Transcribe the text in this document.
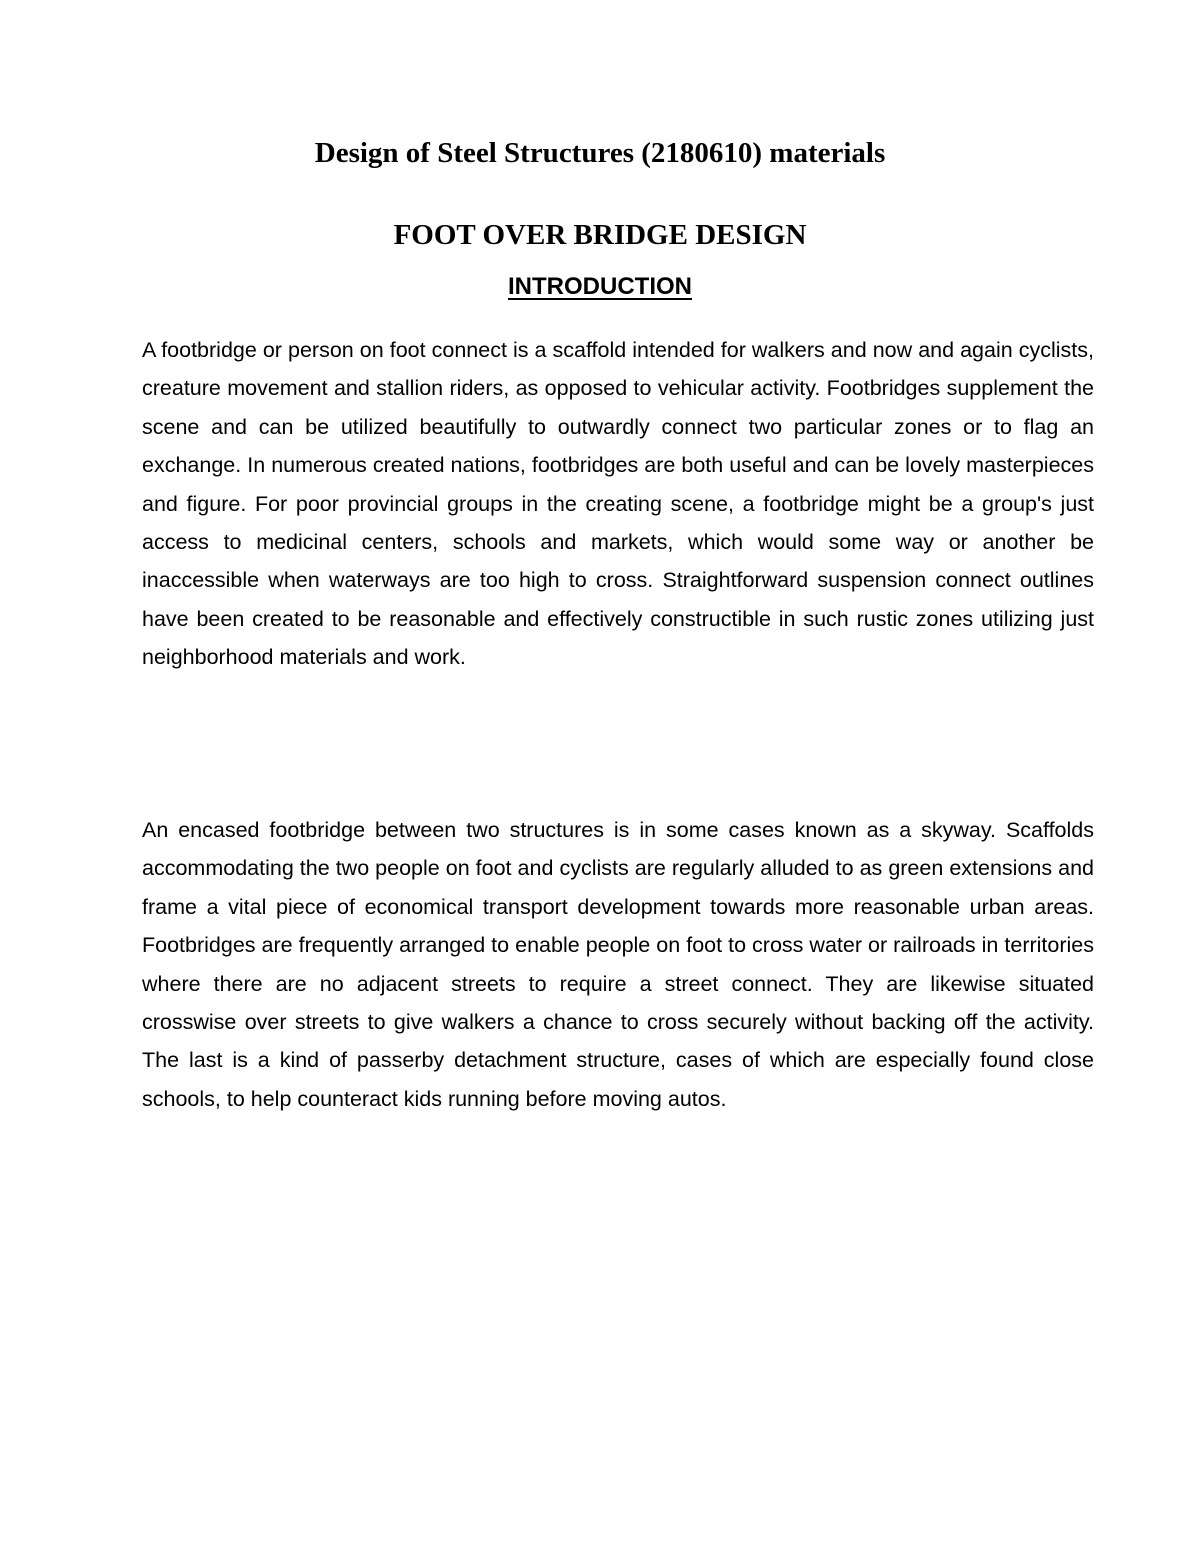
Design of Steel Structures (2180610) materials
FOOT OVER BRIDGE DESIGN
INTRODUCTION

A footbridge or person on foot connect is a scaffold intended for walkers and now and again cyclists, creature movement and stallion riders, as opposed to vehicular activity. Footbridges supplement the scene and can be utilized beautifully to outwardly connect two particular zones or to flag an exchange. In numerous created nations, footbridges are both useful and can be lovely masterpieces and figure. For poor provincial groups in the creating scene, a footbridge might be a group's just access to medicinal centers, schools and markets, which would some way or another be inaccessible when waterways are too high to cross. Straightforward suspension connect outlines have been created to be reasonable and effectively constructible in such rustic zones utilizing just neighborhood materials and work.

An encased footbridge between two structures is in some cases known as a skyway. Scaffolds accommodating the two people on foot and cyclists are regularly alluded to as green extensions and frame a vital piece of economical transport development towards more reasonable urban areas. Footbridges are frequently arranged to enable people on foot to cross water or railroads in territories where there are no adjacent streets to require a street connect. They are likewise situated crosswise over streets to give walkers a chance to cross securely without backing off the activity. The last is a kind of passerby detachment structure, cases of which are especially found close schools, to help counteract kids running before moving autos.
